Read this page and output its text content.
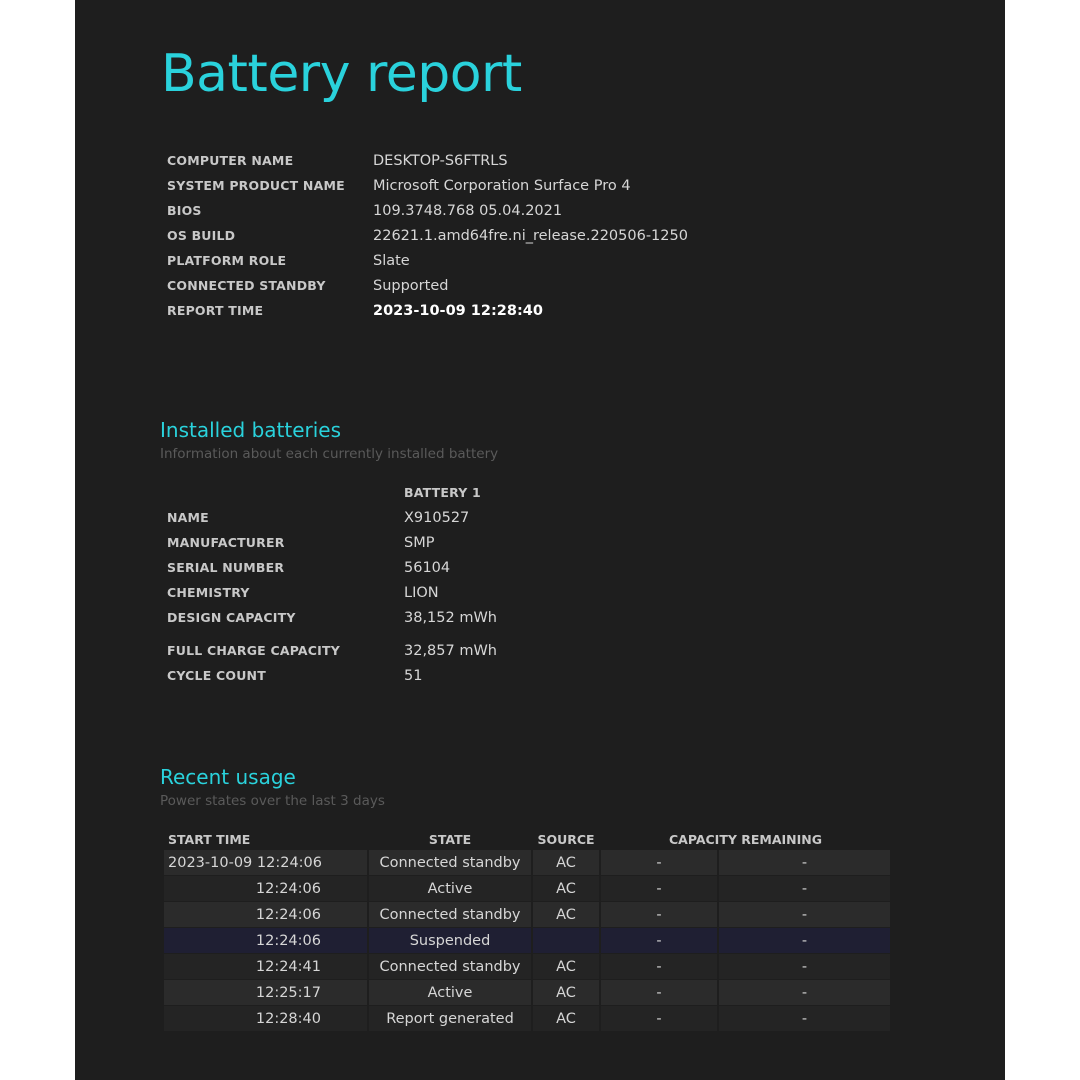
Battery report
COMPUTER NAME	DESKTOP-S6FTRLS
SYSTEM PRODUCT NAME	Microsoft Corporation Surface Pro 4
BIOS	109.3748.768 05.04.2021
OS BUILD	22621.1.amd64fre.ni_release.220506-1250
PLATFORM ROLE	Slate
CONNECTED STANDBY	Supported
REPORT TIME	2023-10-09 12:28:40
Installed batteries

Information about each currently installed battery

	BATTERY 1
NAME	X910527
MANUFACTURER	SMP
SERIAL NUMBER	56104
CHEMISTRY	LION
DESIGN CAPACITY	38,152 mWh
FULL CHARGE CAPACITY	32,857 mWh
CYCLE COUNT	51
Recent usage

Power states over the last 3 days

START TIME	STATE	SOURCE	CAPACITY REMAINING	
2023-10-09 12:24:06	Connected standby	AC	-	-
12:24:06	Active	AC	-	-
12:24:06	Connected standby	AC	-	-
12:24:06	Suspended		-	-
12:24:41	Connected standby	AC	-	-
12:25:17	Active	AC	-	-
12:28:40	Report generated	AC	-	-
